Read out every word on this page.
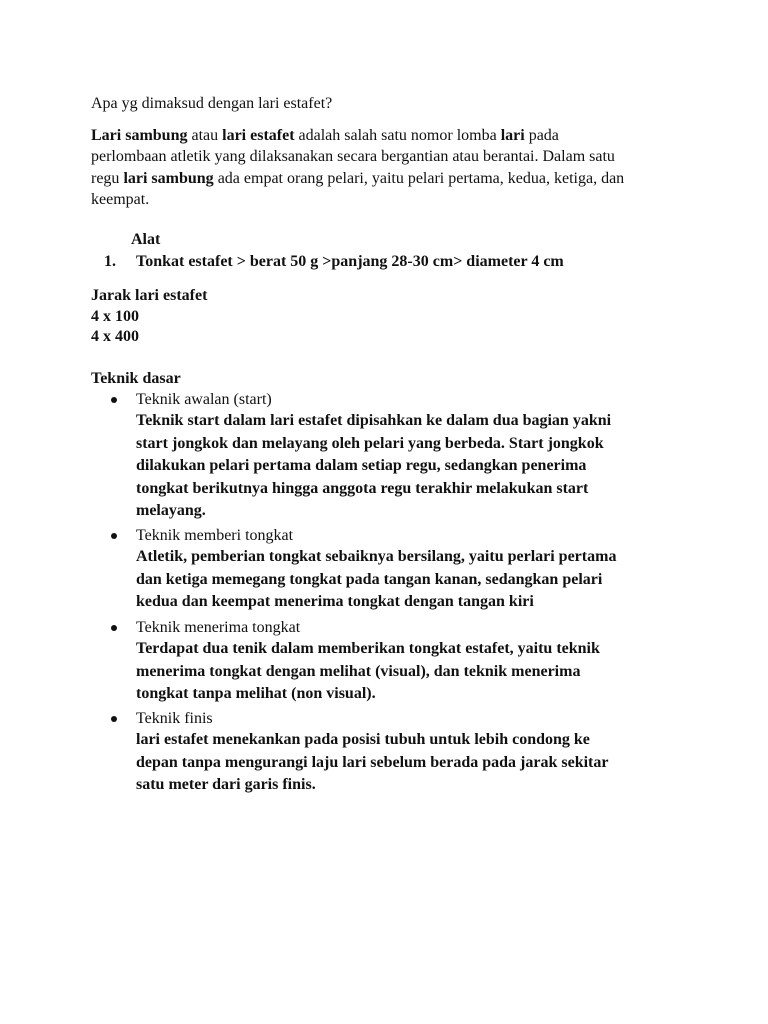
Apa yg dimaksud dengan lari estafet?
Lari sambung atau lari estafet adalah salah satu nomor lomba lari pada
perlombaan atletik yang dilaksanakan secara bergantian atau berantai. Dalam satu
regu lari sambung ada empat orang pelari, yaitu pelari pertama, kedua, ketiga, dan
keempat.
Alat
1. Tonkat estafet > berat 50 g >panjang 28-30 cm> diameter 4 cm
Jarak lari estafet
4 x 100
4 x 400
Teknik dasar
Teknik awalan (start)
Teknik start dalam lari estafet dipisahkan ke dalam dua bagian yakni
start jongkok dan melayang oleh pelari yang berbeda. Start jongkok
dilakukan pelari pertama dalam setiap regu, sedangkan penerima
tongkat berikutnya hingga anggota regu terakhir melakukan start
melayang.
Teknik memberi tongkat
Atletik, pemberian tongkat sebaiknya bersilang, yaitu perlari pertama
dan ketiga memegang tongkat pada tangan kanan, sedangkan pelari
kedua dan keempat menerima tongkat dengan tangan kiri
Teknik menerima tongkat
Terdapat dua tenik dalam memberikan tongkat estafet, yaitu teknik
menerima tongkat dengan melihat (visual), dan teknik menerima
tongkat tanpa melihat (non visual).
Teknik finis
lari estafet menekankan pada posisi tubuh untuk lebih condong ke
depan tanpa mengurangi laju lari sebelum berada pada jarak sekitar
satu meter dari garis finis.
